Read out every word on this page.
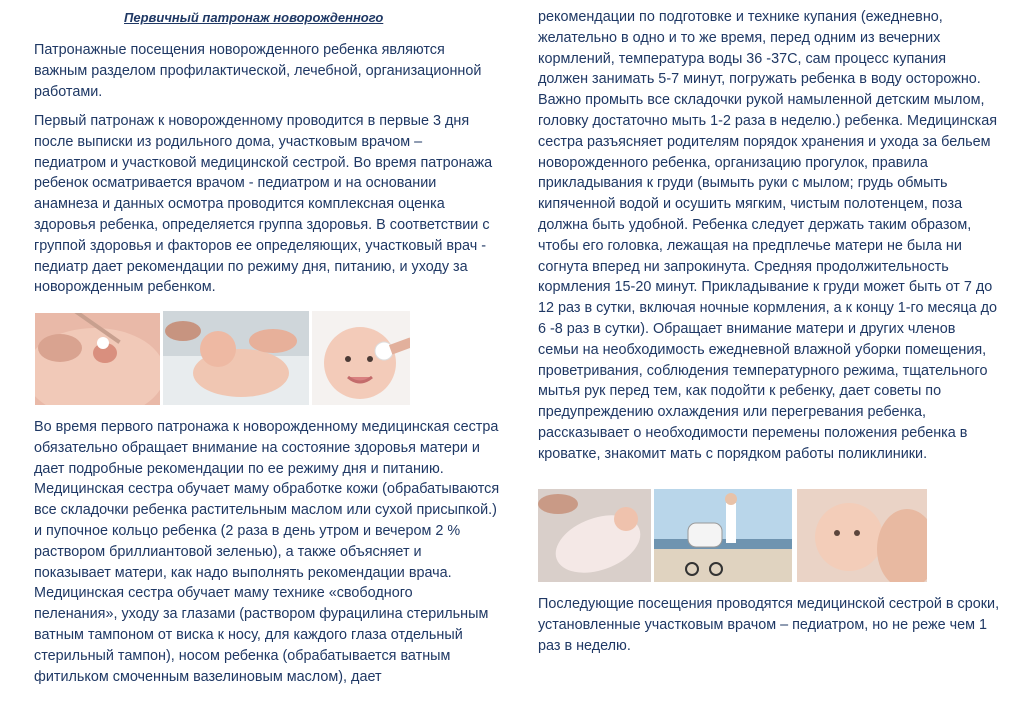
Первичный патронаж новорожденного

Патронажные посещения новорожденного ребенка являются важным разделом профилактической, лечебной, организационной работами.

Первый патронаж к новорожденному проводится в первые 3 дня после выписки из родильного дома, участковым врачом – педиатром и участковой медицинской сестрой. Во время патронажа ребенок осматривается врачом - педиатром и на основании анамнеза и данных осмотра проводится комплексная оценка здоровья ребенка, определяется группа здоровья. В соответствии с группой здоровья и факторов ее определяющих, участковый врач - педиатр дает рекомендации по режиму дня, питанию, и уходу за новорожденным ребенком.

Во время первого патронажа к новорожденному медицинская сестра обязательно обращает внимание на состояние здоровья матери и дает подробные рекомендации по ее режиму дня и питанию. Медицинская сестра обучает маму обработке кожи (обрабатываются все складочки ребенка растительным маслом или сухой присыпкой.) и пупочное кольцо ребенка (2 раза в день утром и вечером 2 % раствором бриллиантовой зеленью), а также объясняет и показывает матери, как надо выполнять рекомендации врача. Медицинская сестра обучает маму технике «свободного пеленания», уходу за глазами (раствором фурацилина стерильным ватным тампоном от виска к носу, для каждого глаза отдельный стерильный тампон), носом ребенка (обрабатывается ватным фитильком смоченным вазелиновым маслом), дает

рекомендации по подготовке и технике купания (ежедневно, желательно в одно и то же время, перед одним из вечерних кормлений, температура воды 36 -37С, сам процесс купания должен занимать 5-7 минут, погружать ребенка в воду осторожно. Важно промыть все складочки рукой намыленной детским мылом, головку достаточно мыть 1-2 раза в неделю.) ребенка. Медицинская сестра разъясняет родителям порядок хранения и ухода за бельем новорожденного ребенка, организацию прогулок, правила прикладывания к груди (вымыть руки с мылом; грудь обмыть кипяченной водой и осушить мягким, чистым полотенцем, поза должна быть удобной. Ребенка следует держать таким образом, чтобы его головка, лежащая на предплечье матери не была ни согнута вперед ни запрокинута. Средняя продолжительность кормления 15-20 минут. Прикладывание к груди может быть от 7 до 12 раз в сутки, включая ночные кормления, а к концу 1-го месяца до 6 -8 раз в сутки). Обращает внимание матери и других членов семьи на необходимость ежедневной влажной уборки помещения, проветривания, соблюдения температурного режима, тщательного мытья рук перед тем, как подойти к ребенку, дает советы по предупреждению охлаждения или перегревания ребенка, рассказывает о необходимости перемены положения ребенка в кроватке, знакомит мать с порядком работы поликлиники.

Последующие посещения проводятся медицинской сестрой в сроки, установленные участковым врачом – педиатром, но не реже чем 1 раз в неделю.
